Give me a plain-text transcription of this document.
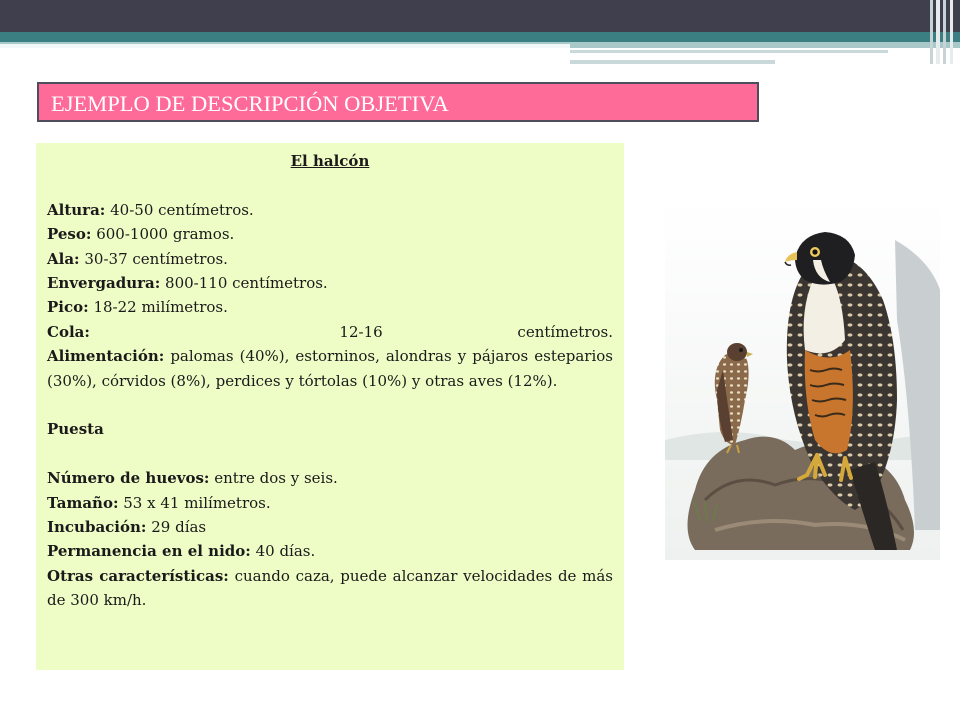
EJEMPLO DE DESCRIPCIÓN OBJETIVA
El halcón
Altura: 40-50 centímetros.
Peso: 600-1000 gramos.
Ala: 30-37 centímetros.
Envergadura: 800-110 centímetros.
Pico: 18-22 milímetros.
Cola:	12-16 centímetros.
Alimentación: palomas (40%), estorninos, alondras y pájaros esteparios (30%), córvidos (8%), perdices y tórtolas (10%) y otras aves (12%).
Puesta
Número de huevos: entre dos y seis.
Tamaño: 53 x 41 milímetros.
Incubación: 29 días
Permanencia en el nido: 40 días.
Otras características: cuando caza, puede alcanzar velocidades de más de 300 km/h.
